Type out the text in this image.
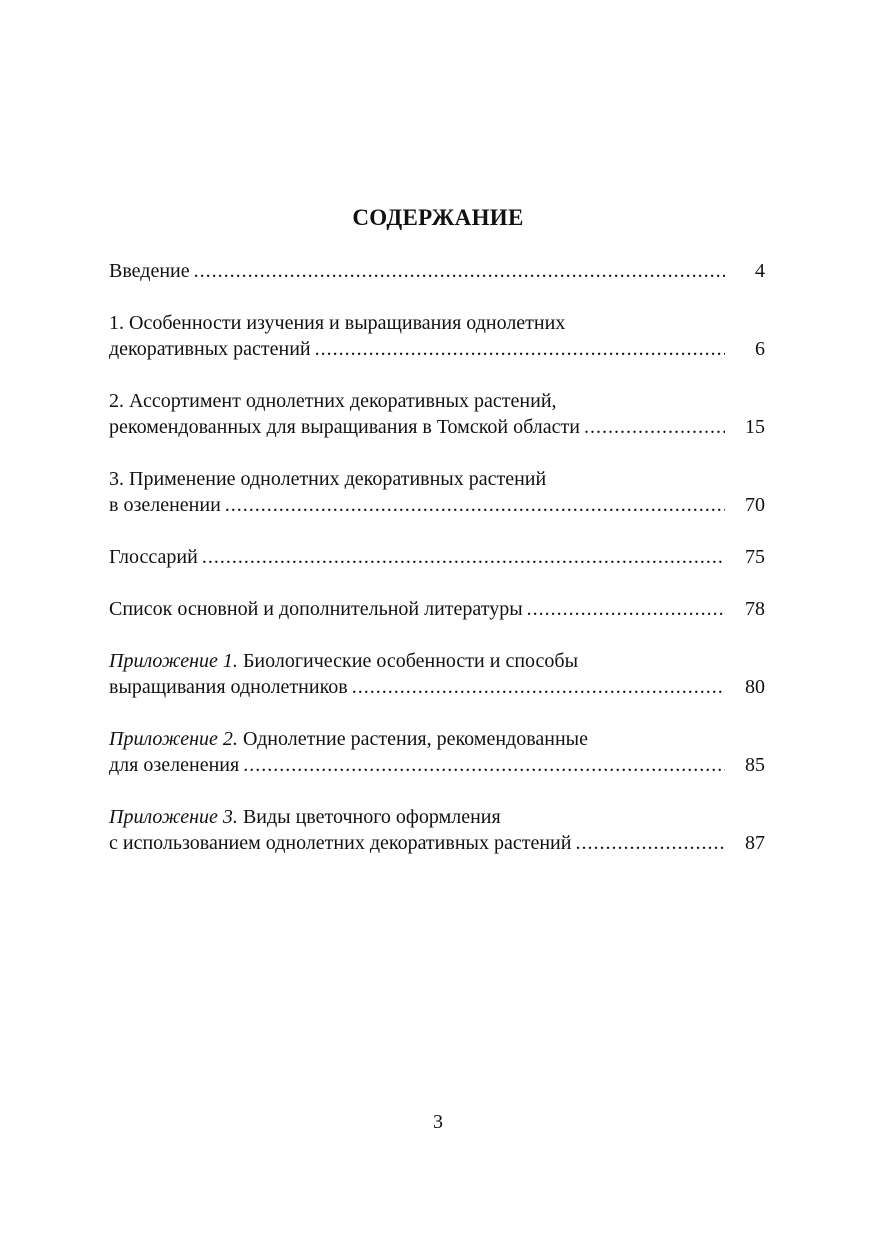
СОДЕРЖАНИЕ
Введение .....	4
1. Особенности изучения и выращивания однолетних
декоративных растений .....	6
2. Ассортимент однолетних декоративных растений,
рекомендованных для выращивания в Томской области .....	15
3. Применение однолетних декоративных растений
в озеленении .....	70
Глоссарий .....	75
Список основной и дополнительной литературы .....	78
Приложение 1. Биологические особенности и способы
выращивания однолетников .....	80
Приложение 2. Однолетние растения, рекомендованные
для озеленения .....	85
Приложение 3. Виды цветочного оформления
с использованием однолетних декоративных растений .....	87
3
